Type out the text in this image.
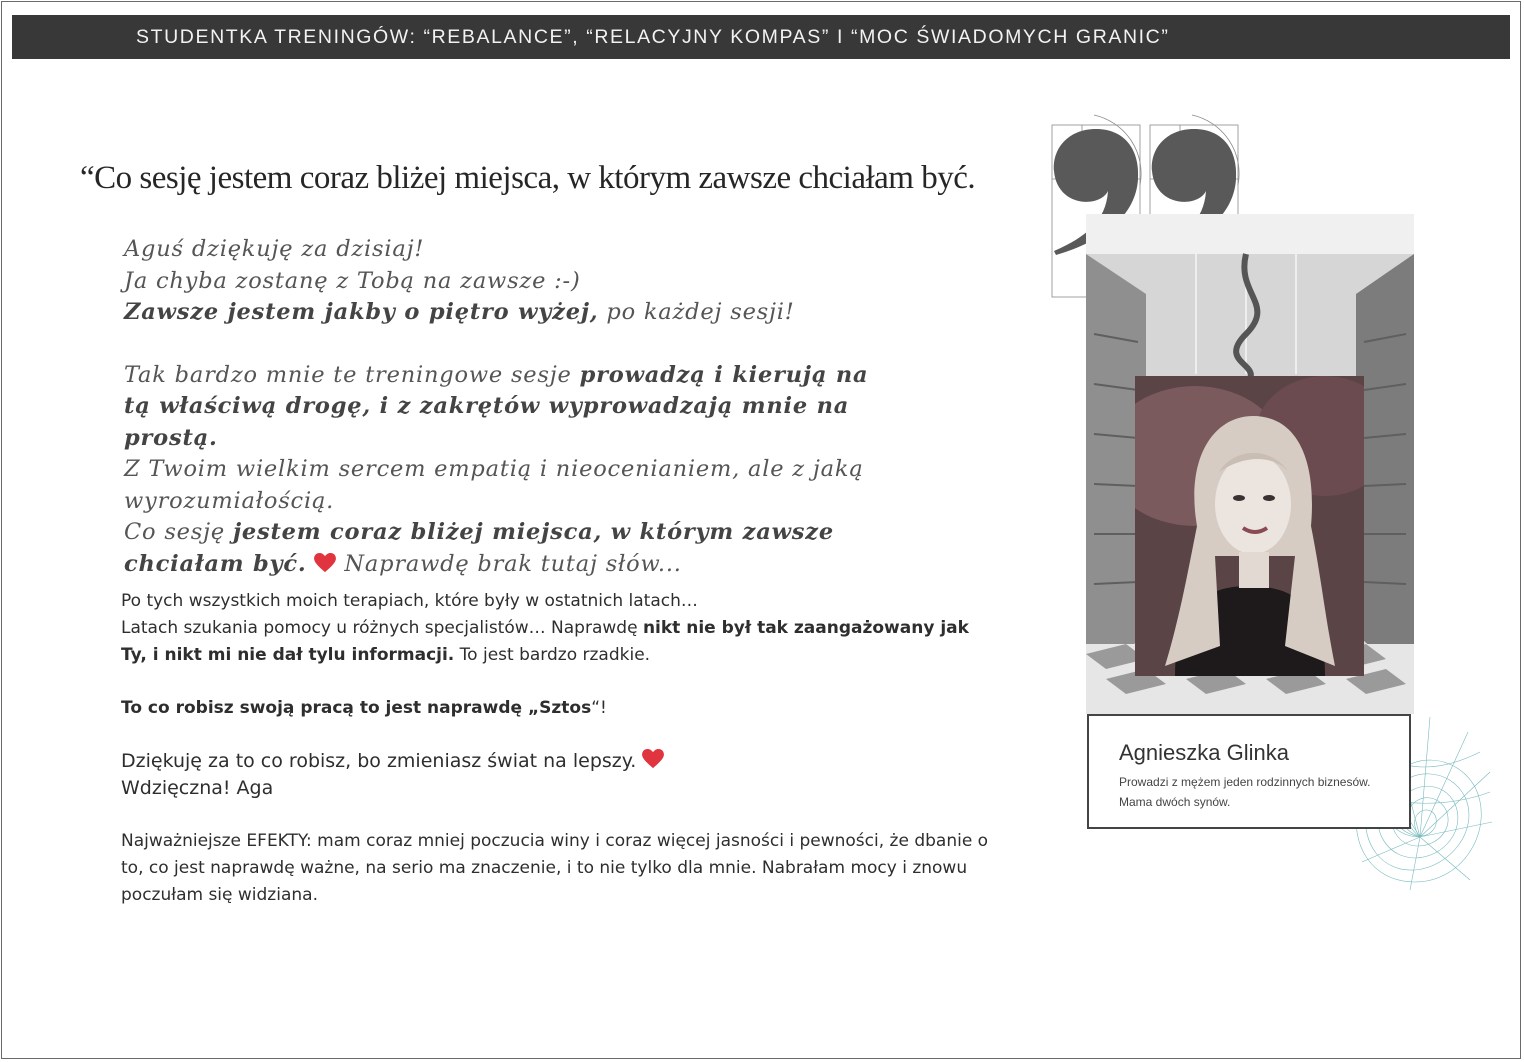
STUDENTKA TRENINGÓW: “REBALANCE”, “RELACYJNY KOMPAS” I “MOC ŚWIADOMYCH GRANIC”
“Co sesję jestem coraz bliżej miejsca, w którym zawsze chciałam być.

Aguś dziękuję za dzisiaj!

Ja chyba zostanę z Tobą na zawsze :-)

Zawsze jestem jakby o piętro wyżej, po każdej sesji!

Tak bardzo mnie te treningowe sesje prowadzą i kierują na tą właściwą drogę, i z zakrętów wyprowadzają mnie na prostą.

Z Twoim wielkim sercem empatią i nieocenianiem, ale z jaką wyrozumiałością.

Co sesję jestem coraz bliżej miejsca, w którym zawsze chciałam być.  Naprawdę brak tutaj słów...

Po tych wszystkich moich terapiach, które były w ostatnich latach…

Latach szukania pomocy u różnych specjalistów… Naprawdę nikt nie był tak zaangażowany jak Ty, i nikt mi nie dał tylu informacji. To jest bardzo rzadkie.

To co robisz swoją pracą to jest naprawdę „Sztos“!

Dziękuję za to co robisz, bo zmieniasz świat na lepszy.

Wdzięczna! Aga

Najważniejsze EFEKTY: mam coraz mniej poczucia winy i coraz więcej jasności i pewności, że dbanie o to, co jest naprawdę ważne, na serio ma znaczenie, i to nie tylko dla mnie. Nabrałam mocy i znowu poczułam się widziana.

Agnieszka Glinka
Prowadzi z mężem jeden rodzinnych biznesów.
Mama dwóch synów.
